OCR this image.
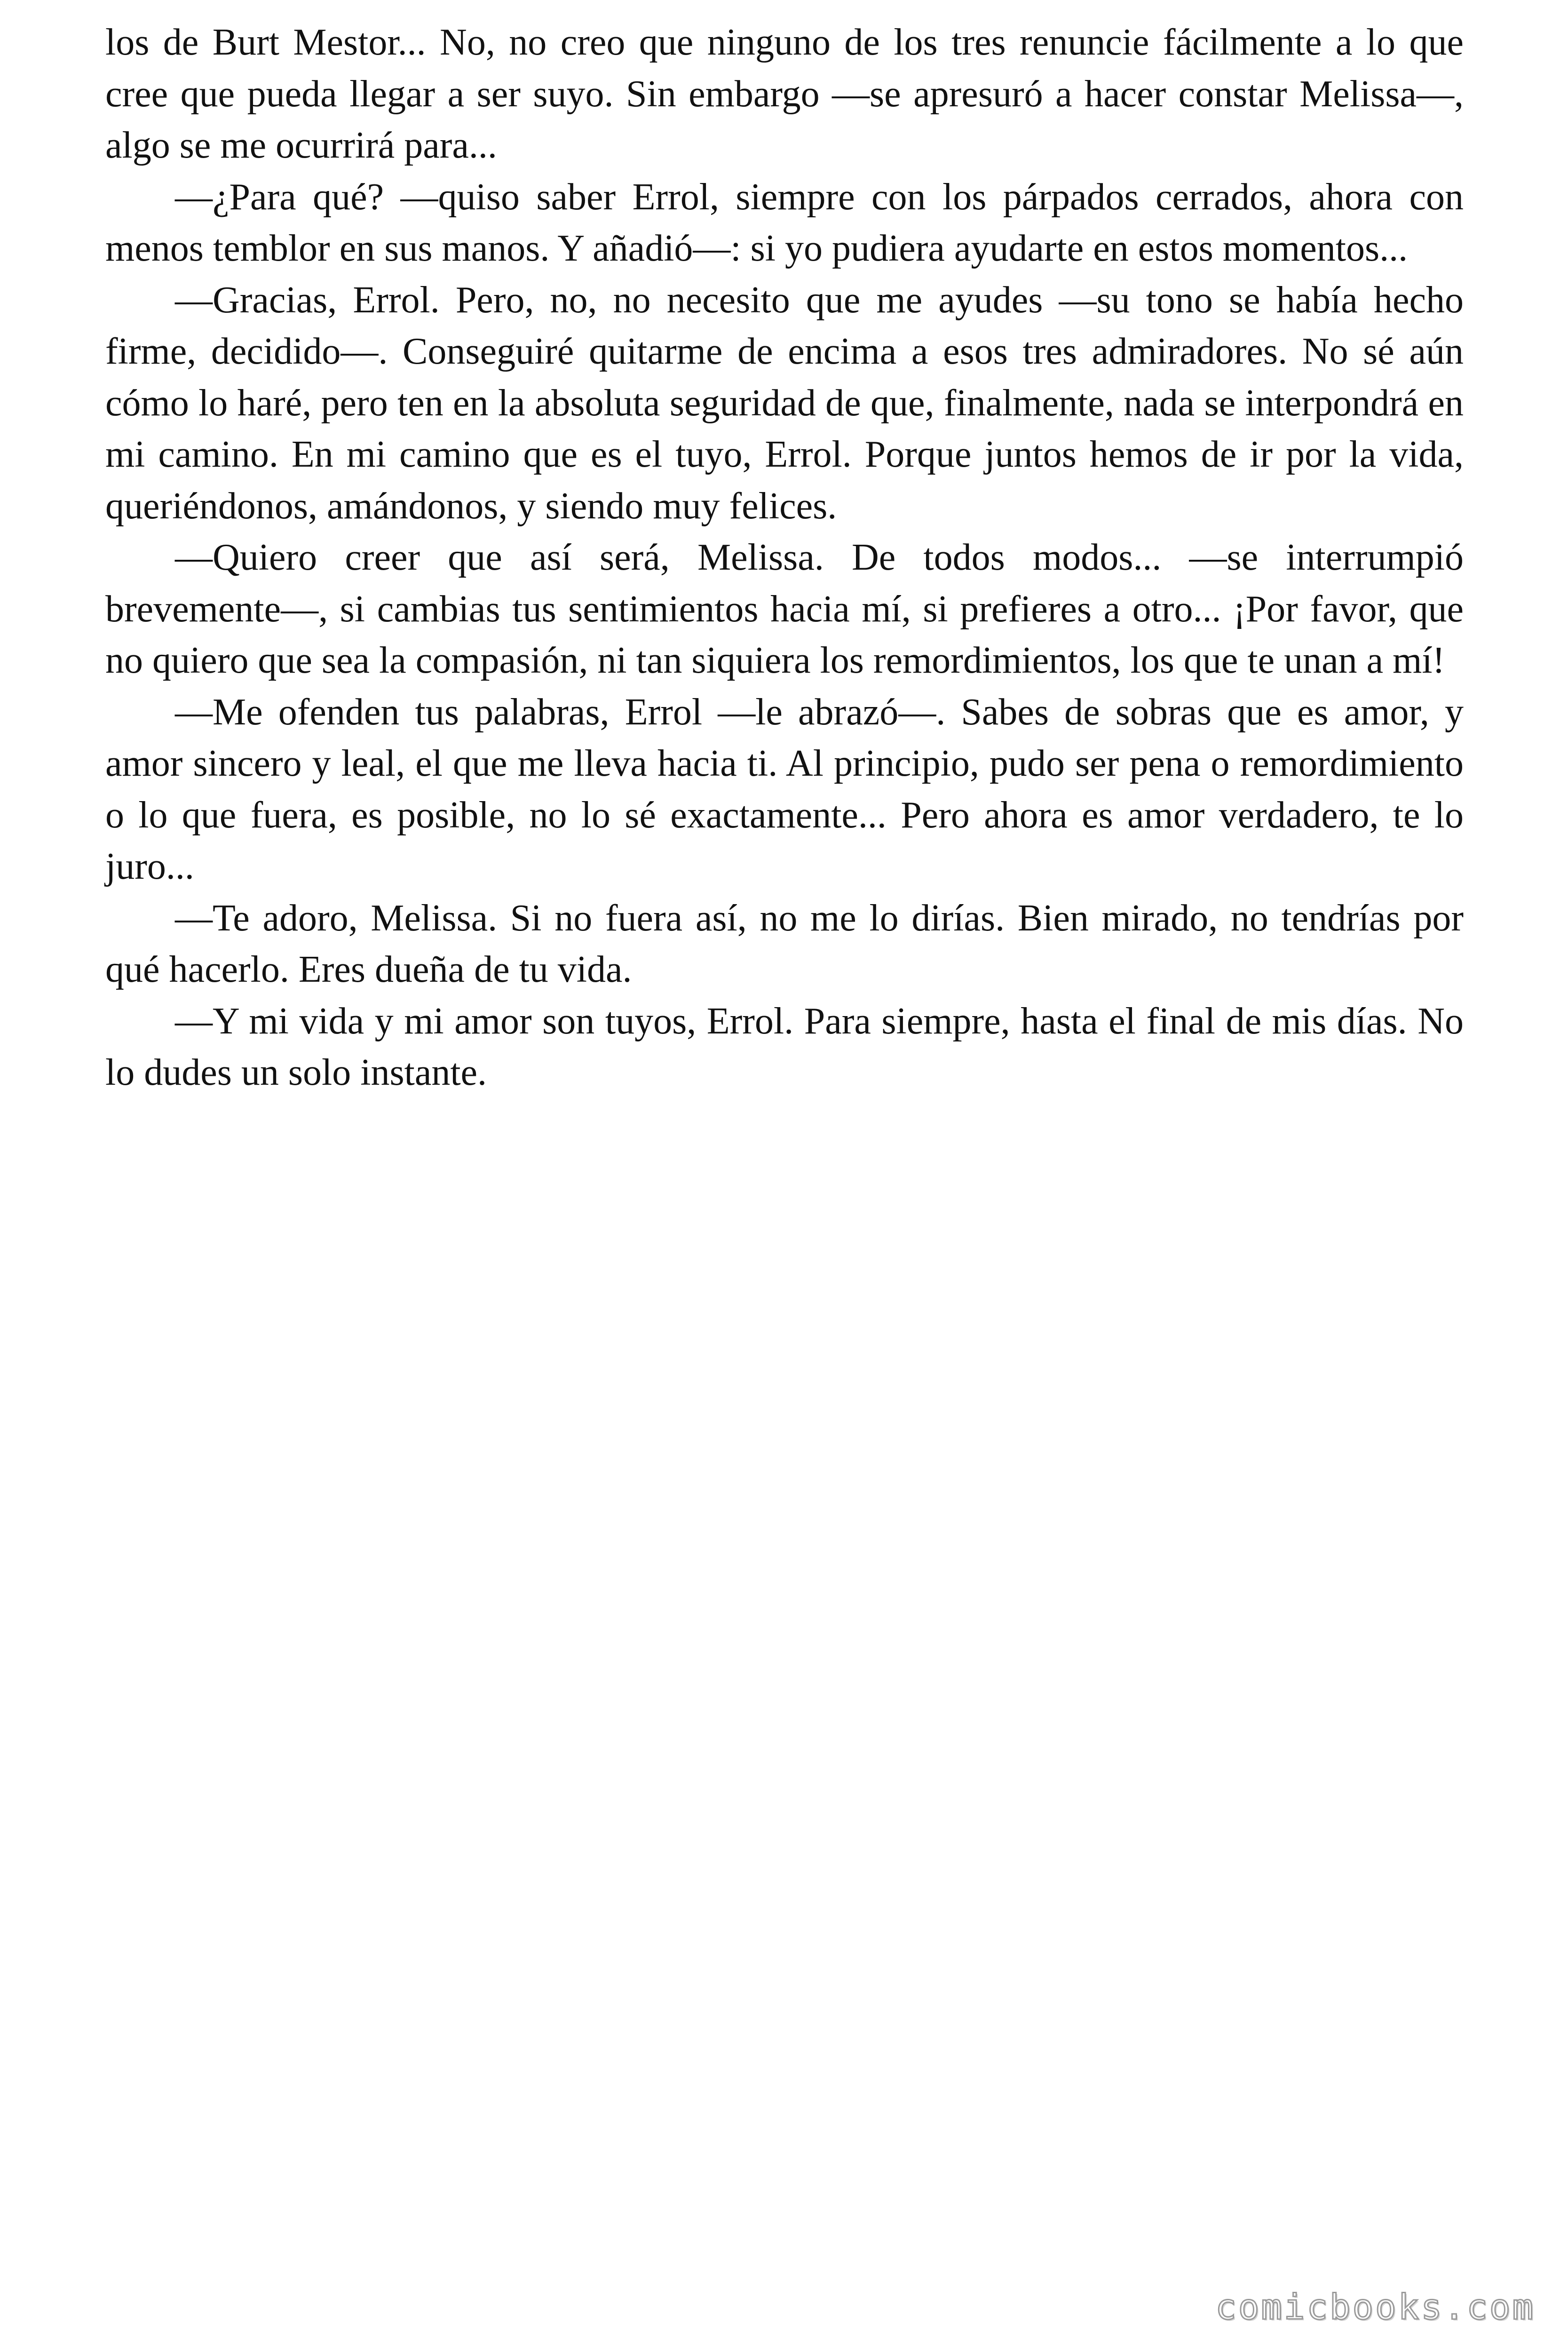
los de Burt Mestor... No, no creo que ninguno de los tres renuncie fácilmente a lo que cree que pueda llegar a ser suyo. Sin embargo —se apresuró a hacer constar Melissa—, algo se me ocurrirá para...

—¿Para qué? —quiso saber Errol, siempre con los párpados cerrados, ahora con menos temblor en sus manos. Y añadió—: si yo pudiera ayudarte en estos momentos...

—Gracias, Errol. Pero, no, no necesito que me ayudes —su tono se había hecho firme, decidido—. Conseguiré quitarme de encima a esos tres admiradores. No sé aún cómo lo haré, pero ten en la absoluta seguridad de que, finalmente, nada se interpondrá en mi camino. En mi camino que es el tuyo, Errol. Porque juntos hemos de ir por la vida, queriéndonos, amándonos, y siendo muy felices.

—Quiero creer que así será, Melissa. De todos modos... —se interrumpió brevemente—, si cambias tus sentimientos hacia mí, si prefieres a otro... ¡Por favor, que no quiero que sea la compasión, ni tan siquiera los remordimientos, los que te unan a mí!

—Me ofenden tus palabras, Errol —le abrazó—. Sabes de sobras que es amor, y amor sincero y leal, el que me lleva hacia ti. Al principio, pudo ser pena o remordimiento o lo que fuera, es posible, no lo sé exactamente... Pero ahora es amor verdadero, te lo juro...

—Te adoro, Melissa. Si no fuera así, no me lo dirías. Bien mirado, no tendrías por qué hacerlo. Eres dueña de tu vida.

—Y mi vida y mi amor son tuyos, Errol. Para siempre, hasta el final de mis días. No lo dudes un solo instante.

comicbooks.com
